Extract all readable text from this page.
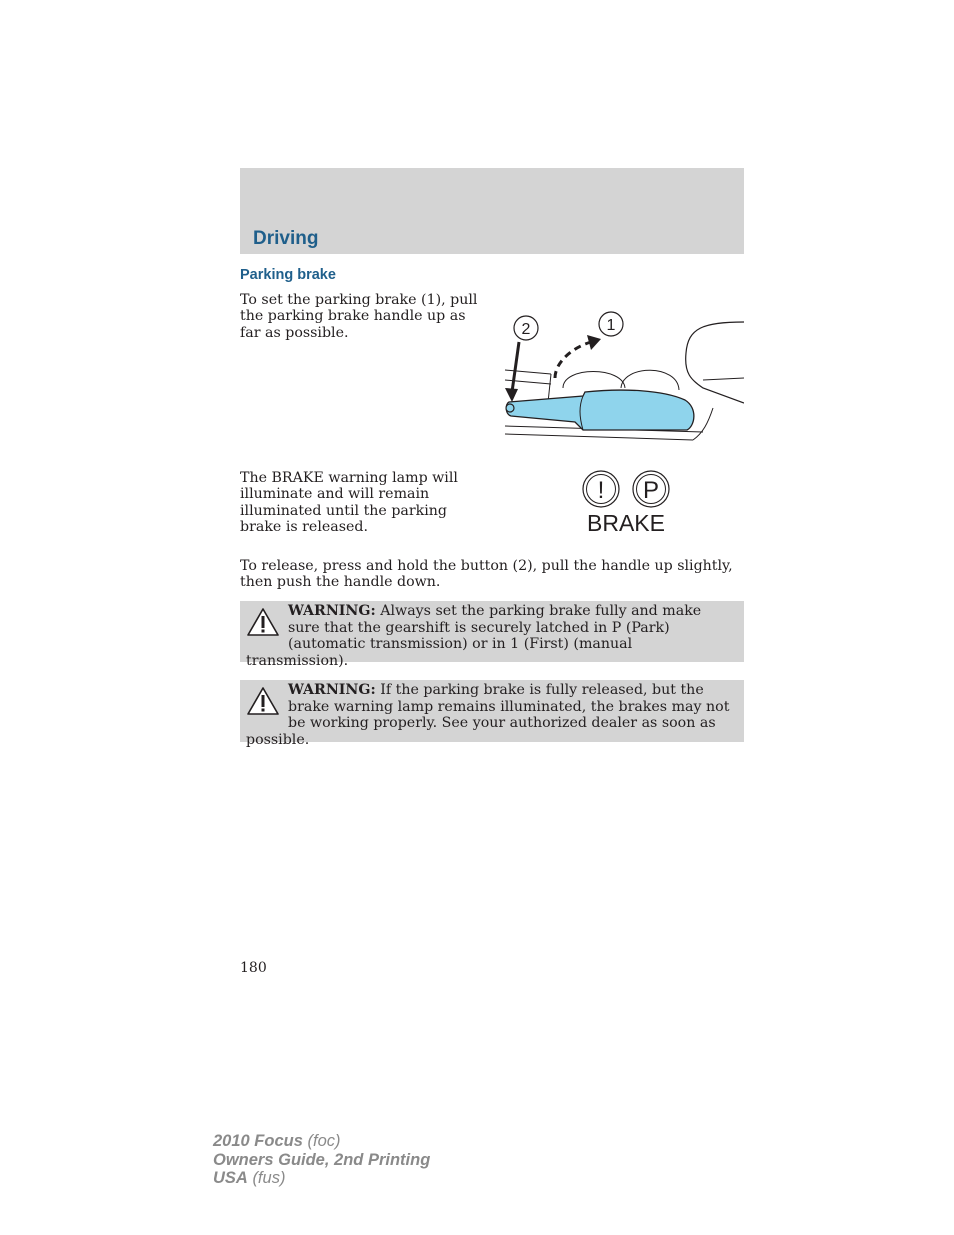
Driving
Parking brake

To set the parking brake (1), pull the parking brake handle up as far as possible.	2	1

The BRAKE warning lamp will illuminate and will remain illuminated until the parking brake is released.

! P
BRAKE

To release, press and hold the button (2), pull the handle up slightly, then push the handle down.

WARNING: Always set the parking brake fully and make sure that the gearshift is securely latched in P (Park) (automatic transmission) or in 1 (First) (manual transmission).
WARNING: If the parking brake is fully released, but the brake warning lamp remains illuminated, the brakes may not be working properly. See your authorized dealer as soon as possible.
180
2010 Focus (foc)
Owners Guide, 2nd Printing
USA (fus)
